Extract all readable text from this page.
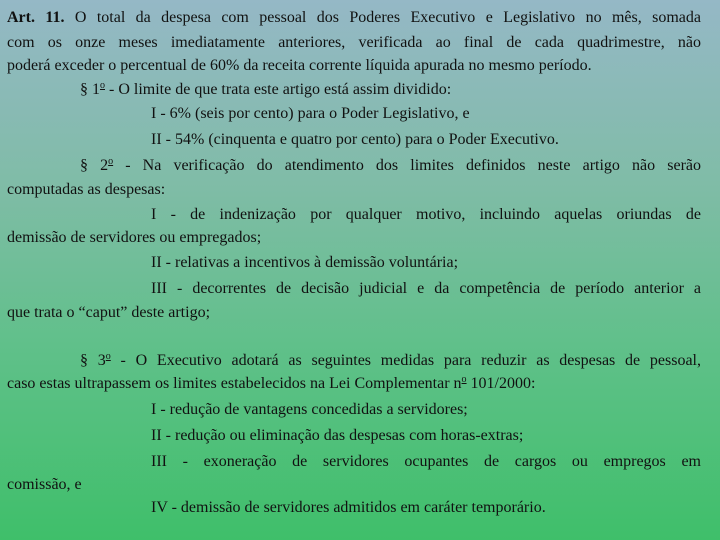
Art. 11. O total da despesa com pessoal dos Poderes Executivo e Legislativo no mês, somada
com os onze meses imediatamente anteriores, verificada ao final de cada quadrimestre, não
poderá exceder o percentual de 60% da receita corrente líquida apurada no mesmo período.
§ 1$^o$ - O limite de que trata este artigo está assim dividido:
I - 6% (seis por cento) para o Poder Legislativo, e
II - 54% (cinquenta e quatro por cento) para o Poder Executivo.
§ 2$^o$ - Na verificação do atendimento dos limites definidos neste artigo não serão
computadas as despesas:
I - de indenização por qualquer motivo, incluindo aquelas oriundas de
demissão de servidores ou empregados;
II - relativas a incentivos à demissão voluntária;
III - decorrentes de decisão judicial e da competência de período anterior a
que trata o “caput” deste artigo;
§ 3$^o$ - O Executivo adotará as seguintes medidas para reduzir as despesas de pessoal,
caso estas ultrapassem os limites estabelecidos na Lei Complementar $n^o$ 101/2000:
I - redução de vantagens concedidas a servidores;
II - redução ou eliminação das despesas com horas-extras;
III - exoneração de servidores ocupantes de cargos ou empregos em
comissão, e
IV - demissão de servidores admitidos em caráter temporário.
